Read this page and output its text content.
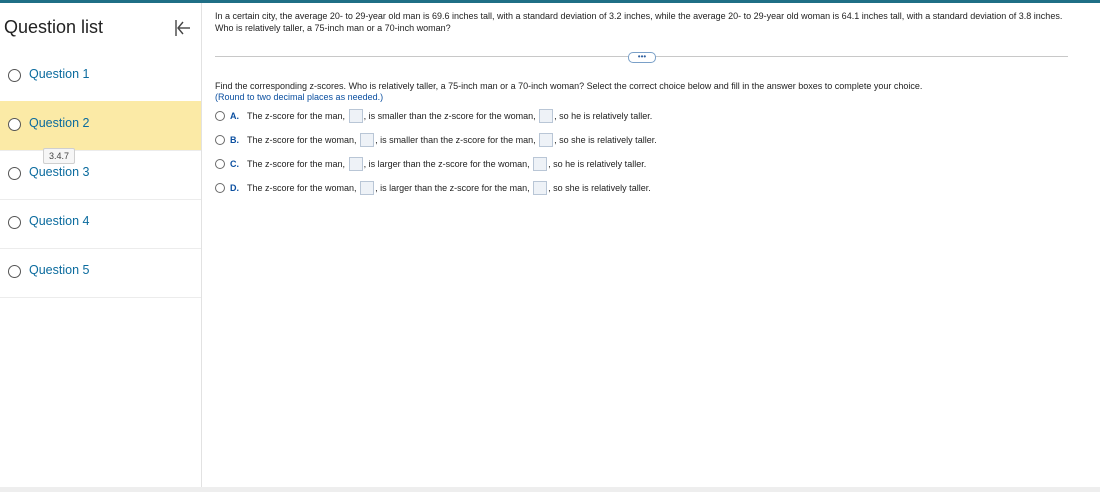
Question list
Question 1
Question 2
Question 3
Question 4
Question 5
3.4.7
In a certain city, the average 20- to 29-year old man is 69.6 inches tall, with a standard deviation of 3.2 inches, while the average 20- to 29-year old woman is 64.1 inches tall, with a standard deviation of 3.8 inches. Who is relatively taller, a 75-inch man or a 70-inch woman?
•••
Find the corresponding z-scores. Who is relatively taller, a 75-inch man or a 70-inch woman? Select the correct choice below and fill in the answer boxes to complete your choice.
(Round to two decimal places as needed.)
A. The z-score for the man, , is smaller than the z-score for the woman, , so he is relatively taller.
B. The z-score for the woman, , is smaller than the z-score for the man, , so she is relatively taller.
C. The z-score for the man, , is larger than the z-score for the woman, , so he is relatively taller.
D. The z-score for the woman, , is larger than the z-score for the man, , so she is relatively taller.
